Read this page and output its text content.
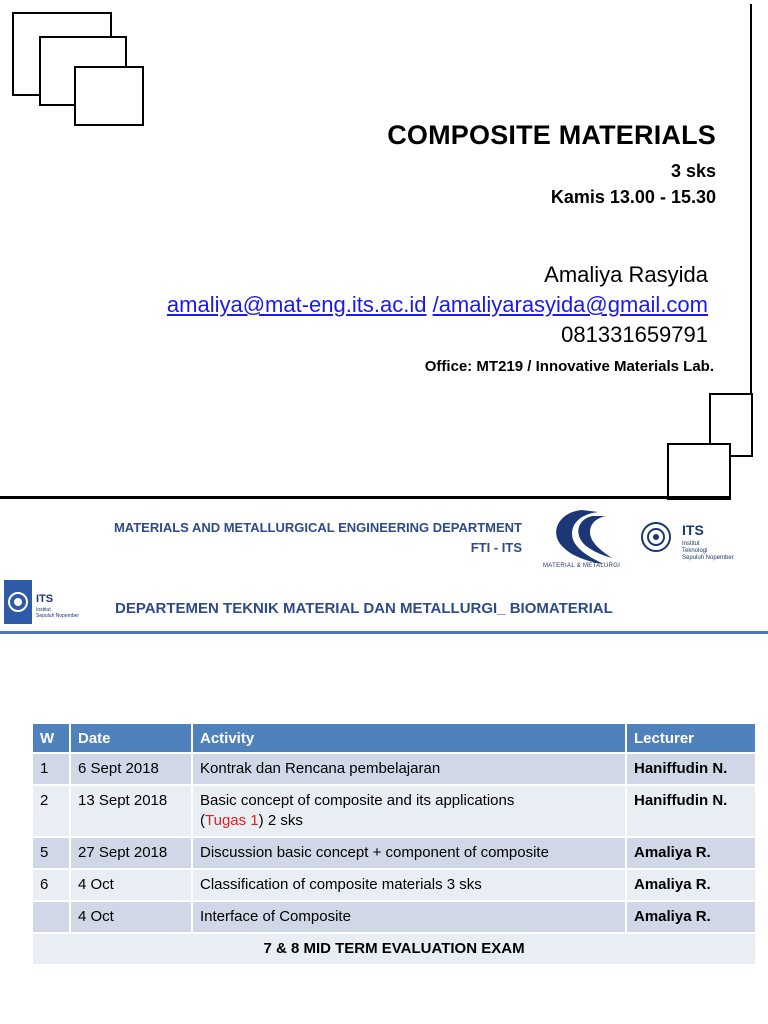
COMPOSITE MATERIALS
3 sks
Kamis 13.00 - 15.30
Amaliya Rasyida
amaliya@mat-eng.its.ac.id /amaliyarasyida@gmail.com
081331659791
Office: MT219 / Innovative Materials Lab.
MATERIALS AND METALLURGICAL ENGINEERING DEPARTMENT
FTI - ITS
MATERIAL & METALURGI
ITS
Institut
Teknologi
Sepuluh Nopember
ITS
Institut
Sepuluh Nopember DEPARTEMEN TEKNIK MATERIAL DAN METALLURGI_ BIOMATERIAL
W	Date	Activity	Lecturer
1	6 Sept 2018	Kontrak dan Rencana pembelajaran	Haniffudin N.
2	13 Sept 2018	Basic concept of composite and its applications
(Tugas 1) 2 sks	Haniffudin N.
5	27 Sept 2018	Discussion basic concept + component of composite	Amaliya R.
6	4 Oct	Classification of composite materials 3 sks	Amaliya R.
	4 Oct	Interface of Composite	Amaliya R.
7 & 8 MID TERM EVALUATION EXAM			
